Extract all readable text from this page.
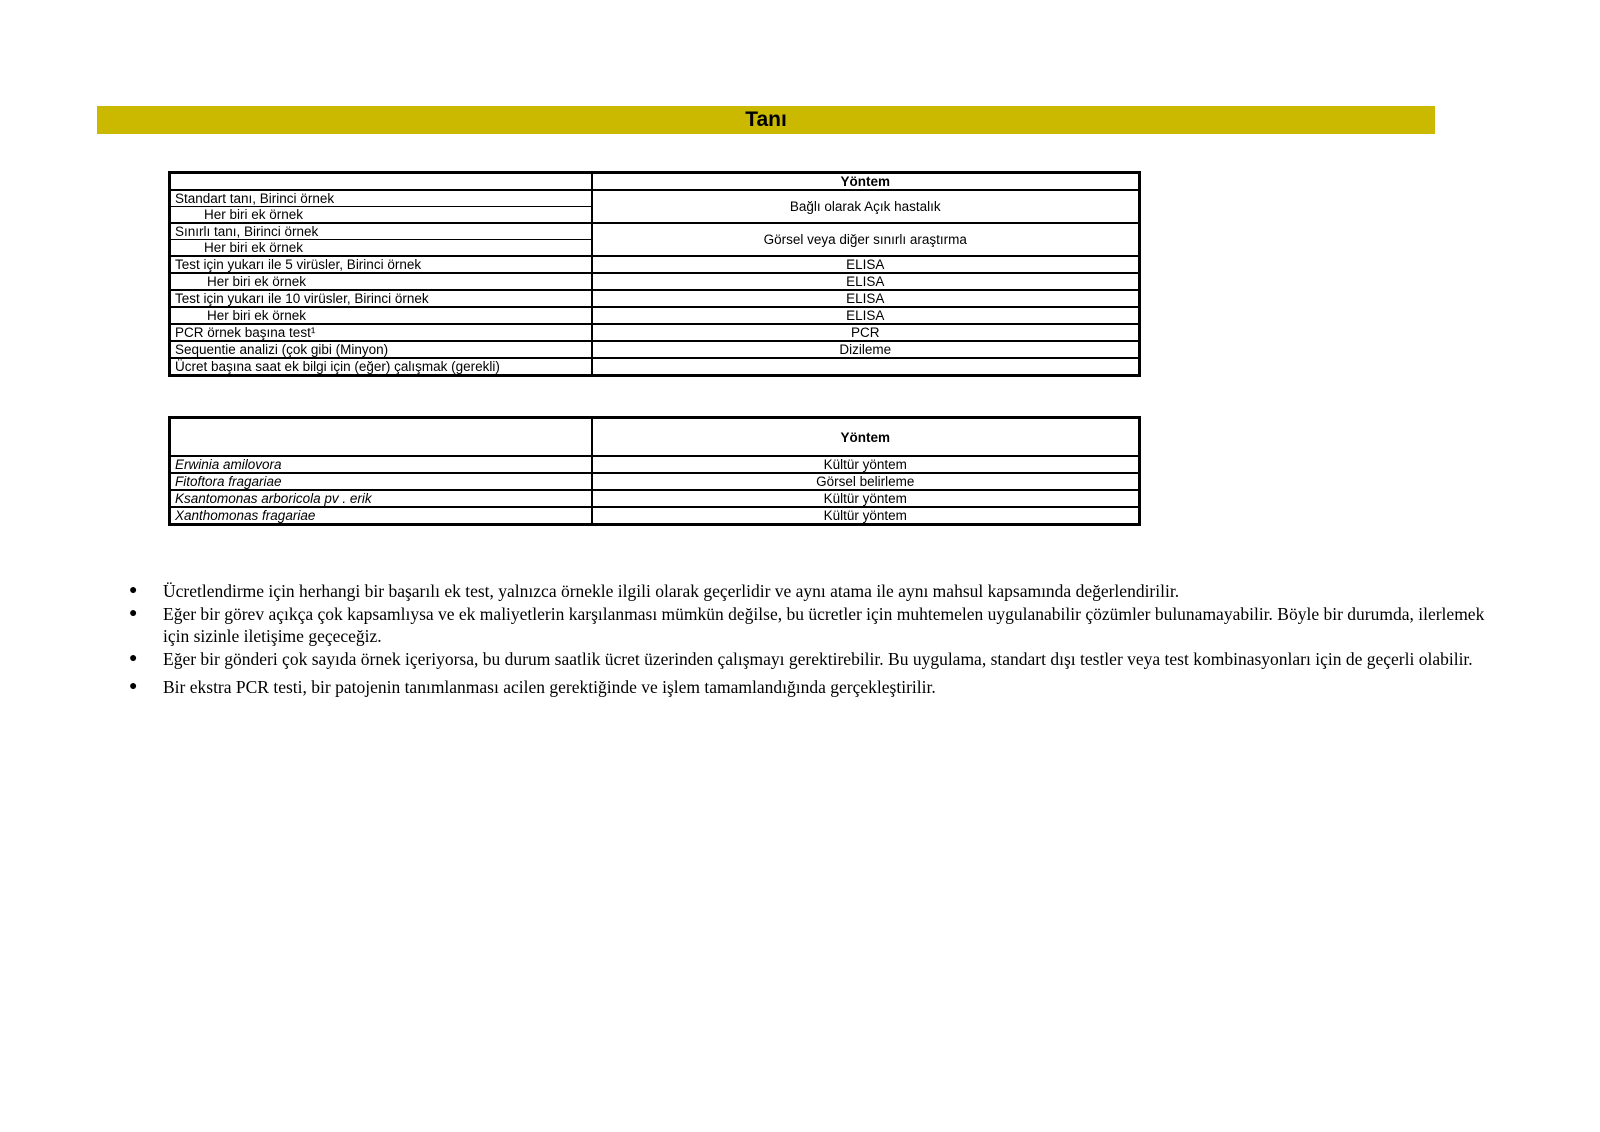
Tanı
	Yöntem
Standart tanı, Birinci örnek	Bağlı olarak Açık hastalık
Her biri ek örnek	
Sınırlı tanı, Birinci örnek	Görsel veya diğer sınırlı araştırma
Her biri ek örnek	
Test için yukarı ile 5 virüsler, Birinci örnek	ELISA
Her biri ek örnek	ELISA
Test için yukarı ile 10 virüsler, Birinci örnek	ELISA
Her biri ek örnek	ELISA
PCR örnek başına test¹	PCR
Sequentie analizi (çok gibi (Minyon)	Dizileme
Ücret başına saat ek bilgi için (eğer) çalışmak (gerekli)	
	Yöntem
Erwinia amilovora	Kültür yöntem
Fitoftora fragariae	Görsel belirleme
Ksantomonas arboricola pv . erik	Kültür yöntem
Xanthomonas fragariae	Kültür yöntem
● Ücretlendirme için herhangi bir başarılı ek test, yalnızca örnekle ilgili olarak geçerlidir ve aynı atama ile aynı mahsul kapsamında değerlendirilir.
● Eğer bir görev açıkça çok kapsamlıysa ve ek maliyetlerin karşılanması mümkün değilse, bu ücretler için muhtemelen uygulanabilir çözümler bulunamayabilir. Böyle bir durumda, ilerlemek için sizinle iletişime geçeceğiz.
● Eğer bir gönderi çok sayıda örnek içeriyorsa, bu durum saatlik ücret üzerinden çalışmayı gerektirebilir. Bu uygulama, standart dışı testler veya test kombinasyonları için de geçerli olabilir.
● Bir ekstra PCR testi, bir patojenin tanımlanması acilen gerektiğinde ve işlem tamamlandığında gerçekleştirilir.
